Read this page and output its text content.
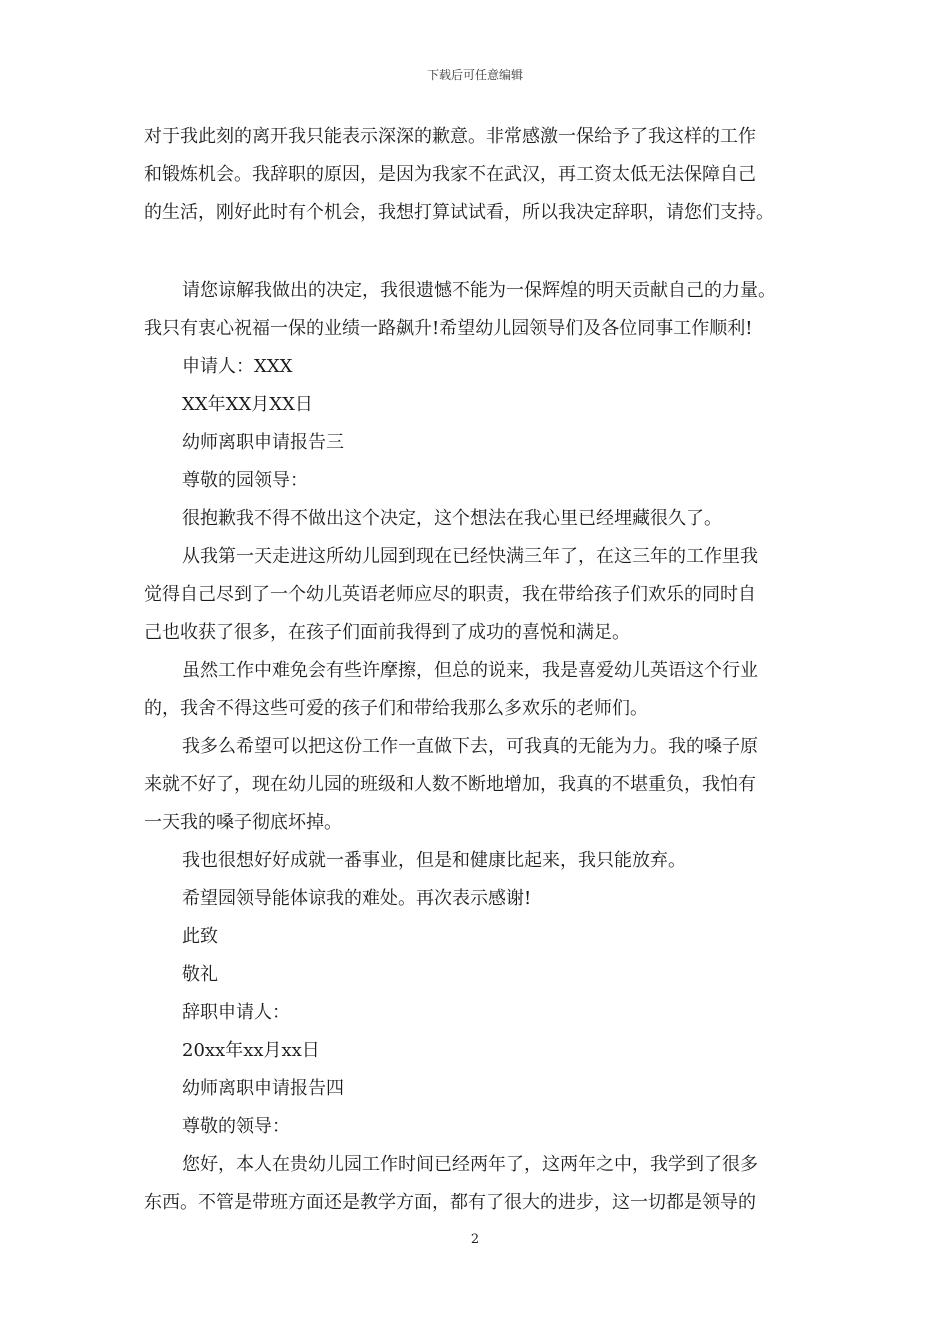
下载后可任意编辑
对于我此刻的离开我只能表示深深的歉意。非常感激一保给予了我这样的工作
和锻炼机会。我辞职的原因，是因为我家不在武汉，再工资太低无法保障自己
的生活，刚好此时有个机会，我想打算试试看，所以我决定辞职，请您们支持。
请您谅解我做出的决定，我很遗憾不能为一保辉煌的明天贡献自己的力量。
我只有衷心祝福一保的业绩一路飙升!希望幼儿园领导们及各位同事工作顺利!
申请人：XXX
XX年XX月XX日
幼师离职申请报告三
尊敬的园领导：
很抱歉我不得不做出这个决定，这个想法在我心里已经埋藏很久了。
从我第一天走进这所幼儿园到现在已经快满三年了，在这三年的工作里我
觉得自己尽到了一个幼儿英语老师应尽的职责，我在带给孩子们欢乐的同时自
己也收获了很多，在孩子们面前我得到了成功的喜悦和满足。
虽然工作中难免会有些许摩擦，但总的说来，我是喜爱幼儿英语这个行业
的，我舍不得这些可爱的孩子们和带给我那么多欢乐的老师们。
我多么希望可以把这份工作一直做下去，可我真的无能为力。我的嗓子原
来就不好了，现在幼儿园的班级和人数不断地增加，我真的不堪重负，我怕有
一天我的嗓子彻底坏掉。
我也很想好好成就一番事业，但是和健康比起来，我只能放弃。
希望园领导能体谅我的难处。再次表示感谢!
此致
敬礼
辞职申请人：
20xx年xx月xx日
幼师离职申请报告四
尊敬的领导：
您好，本人在贵幼儿园工作时间已经两年了，这两年之中，我学到了很多
东西。不管是带班方面还是教学方面，都有了很大的进步，这一切都是领导的
2
